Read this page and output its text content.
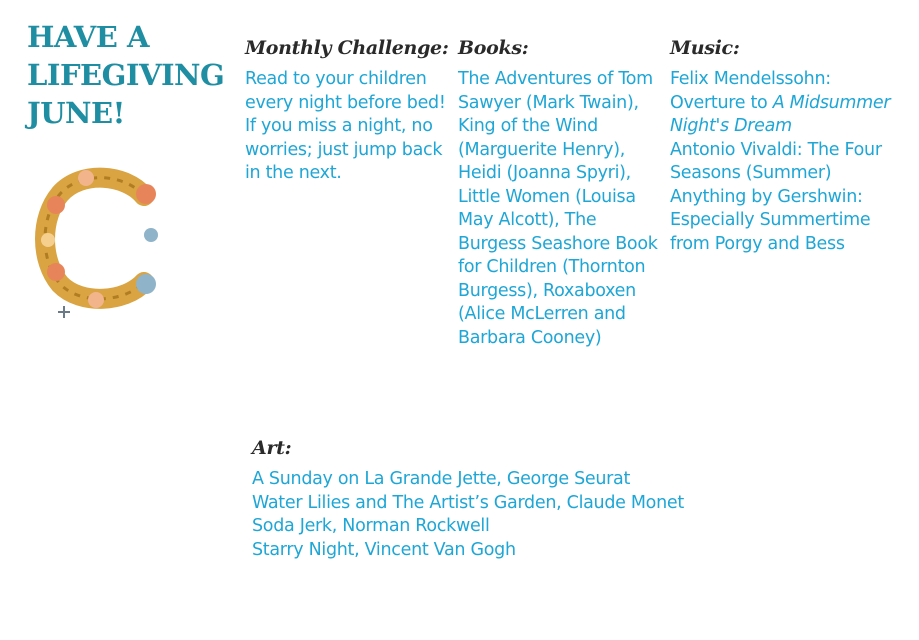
HAVE A
LIFEGIVING
JUNE!
Monthly Challenge:
Read to your children every night before bed! If you miss a night, no worries; just jump back in the next.
Books:

The Adventures of Tom Sawyer (Mark Twain), King of the Wind (Marguerite Henry),

Heidi (Joanna Spyri), Little Women (Louisa May Alcott), The Burgess Seashore Book for Children (Thornton Burgess), Roxaboxen (Alice McLerren and Barbara Cooney)

Music:

Felix Mendelssohn: Overture to A Midsummer Night's Dream

Antonio Vivaldi: The Four Seasons (Summer)

Anything by Gershwin: Especially Summertime from Porgy and Bess

Art:

A Sunday on La Grande Jette, George Seurat

Water Lilies and The Artist’s Garden, Claude Monet

Soda Jerk, Norman Rockwell

Starry Night, Vincent Van Gogh
